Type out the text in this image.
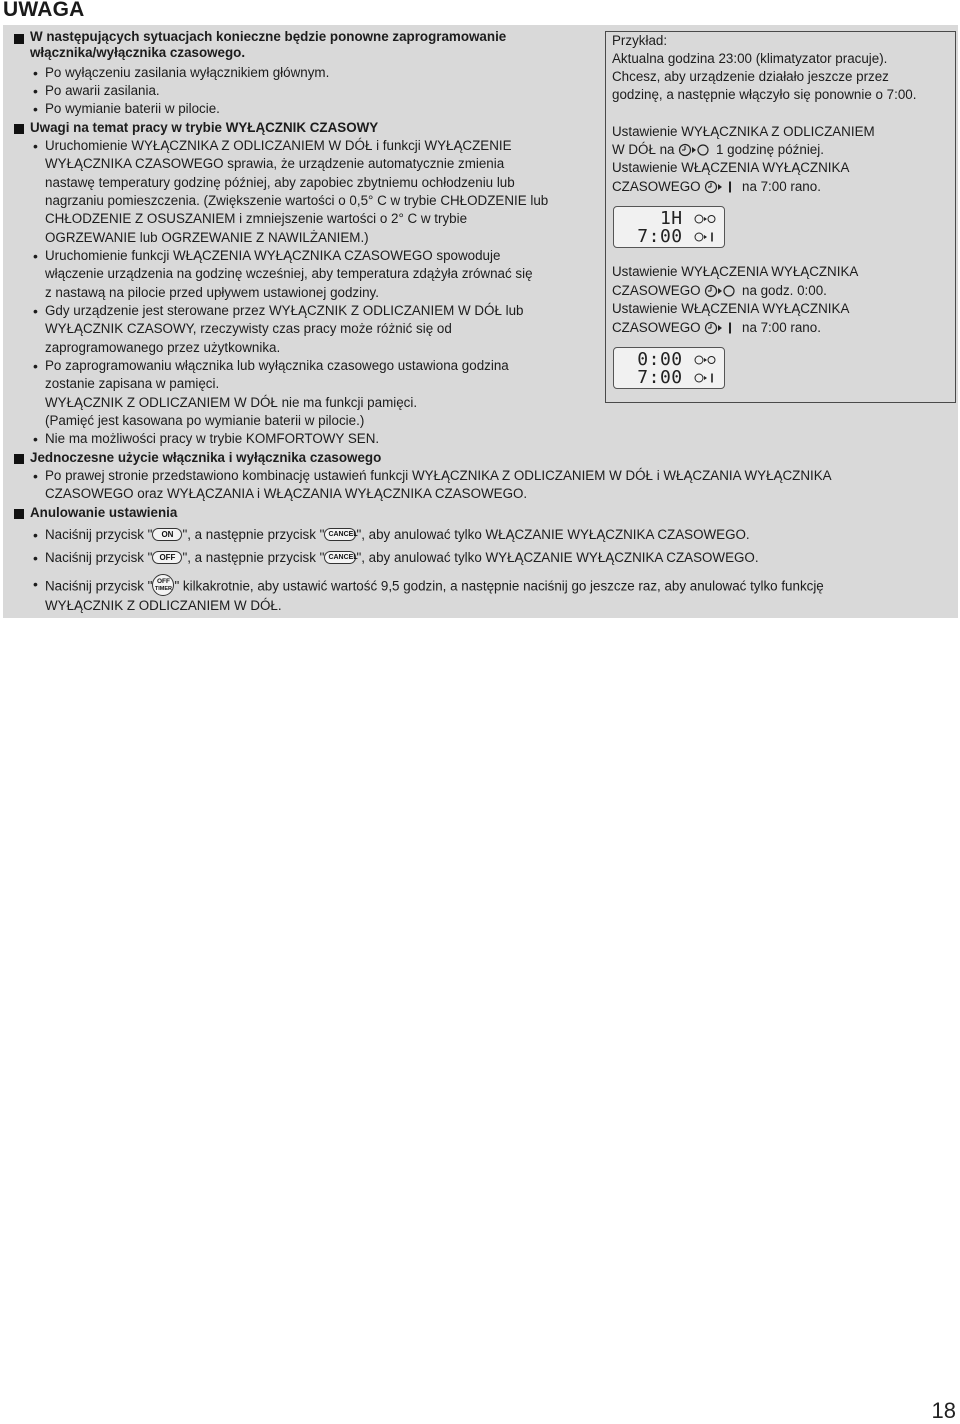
UWAGA
W następujących sytuacjach konieczne będzie ponowne zaprogramowanie
włącznika/wyłącznika czasowego.
• Po wyłączeniu zasilania wyłącznikiem głównym.
• Po awarii zasilania.
• Po wymianie baterii w pilocie.
Uwagi na temat pracy w trybie WYŁĄCZNIK CZASOWY
• Uruchomienie WYŁĄCZNIKA Z ODLICZANIEM W DÓŁ i funkcji WYŁĄCZENIE
WYŁĄCZNIKA CZASOWEGO sprawia, że urządzenie automatycznie zmienia
nastawę temperatury godzinę później, aby zapobiec zbytniemu ochłodzeniu lub
nagrzaniu pomieszczenia. (Zwiększenie wartości o 0,5° C w trybie CHŁODZENIE lub
CHŁODZENIE Z OSUSZANIEM i zmniejszenie wartości o 2° C w trybie
OGRZEWANIE lub OGRZEWANIE Z NAWILŻANIEM.)
• Uruchomienie funkcji WŁĄCZENIA WYŁĄCZNIKA CZASOWEGO spowoduje
włączenie urządzenia na godzinę wcześniej, aby temperatura zdążyła zrównać się
z nastawą na pilocie przed upływem ustawionej godziny.
• Gdy urządzenie jest sterowane przez WYŁĄCZNIK Z ODLICZANIEM W DÓŁ lub
WYŁĄCZNIK CZASOWY, rzeczywisty czas pracy może różnić się od
zaprogramowanego przez użytkownika.
• Po zaprogramowaniu włącznika lub wyłącznika czasowego ustawiona godzina
zostanie zapisana w pamięci.
WYŁĄCZNIK Z ODLICZANIEM W DÓŁ nie ma funkcji pamięci.
(Pamięć jest kasowana po wymianie baterii w pilocie.)
• Nie ma możliwości pracy w trybie KOMFORTOWY SEN.
Jednoczesne użycie włącznika i wyłącznika czasowego
• Po prawej stronie przedstawiono kombinację ustawień funkcji WYŁĄCZNIKA Z ODLICZANIEM W DÓŁ i WŁĄCZANIA WYŁĄCZNIKA
CZASOWEGO oraz WYŁĄCZANIA i WŁĄCZANIA WYŁĄCZNIKA CZASOWEGO.
Anulowanie ustawienia
• Naciśnij przycisk " ON ", a następnie przycisk " CANCEL", aby anulować tylko WŁĄCZANIE WYŁĄCZNIKA CZASOWEGO.
• Naciśnij przycisk " OFF ", a następnie przycisk " CANCEL", aby anulować tylko WYŁĄCZANIE WYŁĄCZNIKA CZASOWEGO.
• Naciśnij przycisk " OFF
TIMER " kilkakrotnie, aby ustawić wartość 9,5 godzin, a następnie naciśnij go jeszcze raz, aby anulować tylko funkcję
WYŁĄCZNIK Z ODLICZANIEM W DÓŁ.
Przykład:
Aktualna godzina 23:00 (klimatyzator pracuje).
Chcesz, aby urządzenie działało jeszcze przez
godzinę, a następnie włączyło się ponownie o 7:00.
Ustawienie WYŁĄCZNIKA Z ODLICZANIEM
W DÓŁ na	1 godzinę później.
Ustawienie WŁĄCZENIA WYŁĄCZNIKA
CZASOWEGO	na 7:00 rano.
1H
7:00
Ustawienie WYŁĄCZENIA WYŁĄCZNIKA
CZASOWEGO	na godz. 0:00.
Ustawienie WŁĄCZENIA WYŁĄCZNIKA
CZASOWEGO	na 7:00 rano.
0:00
7:00
18
